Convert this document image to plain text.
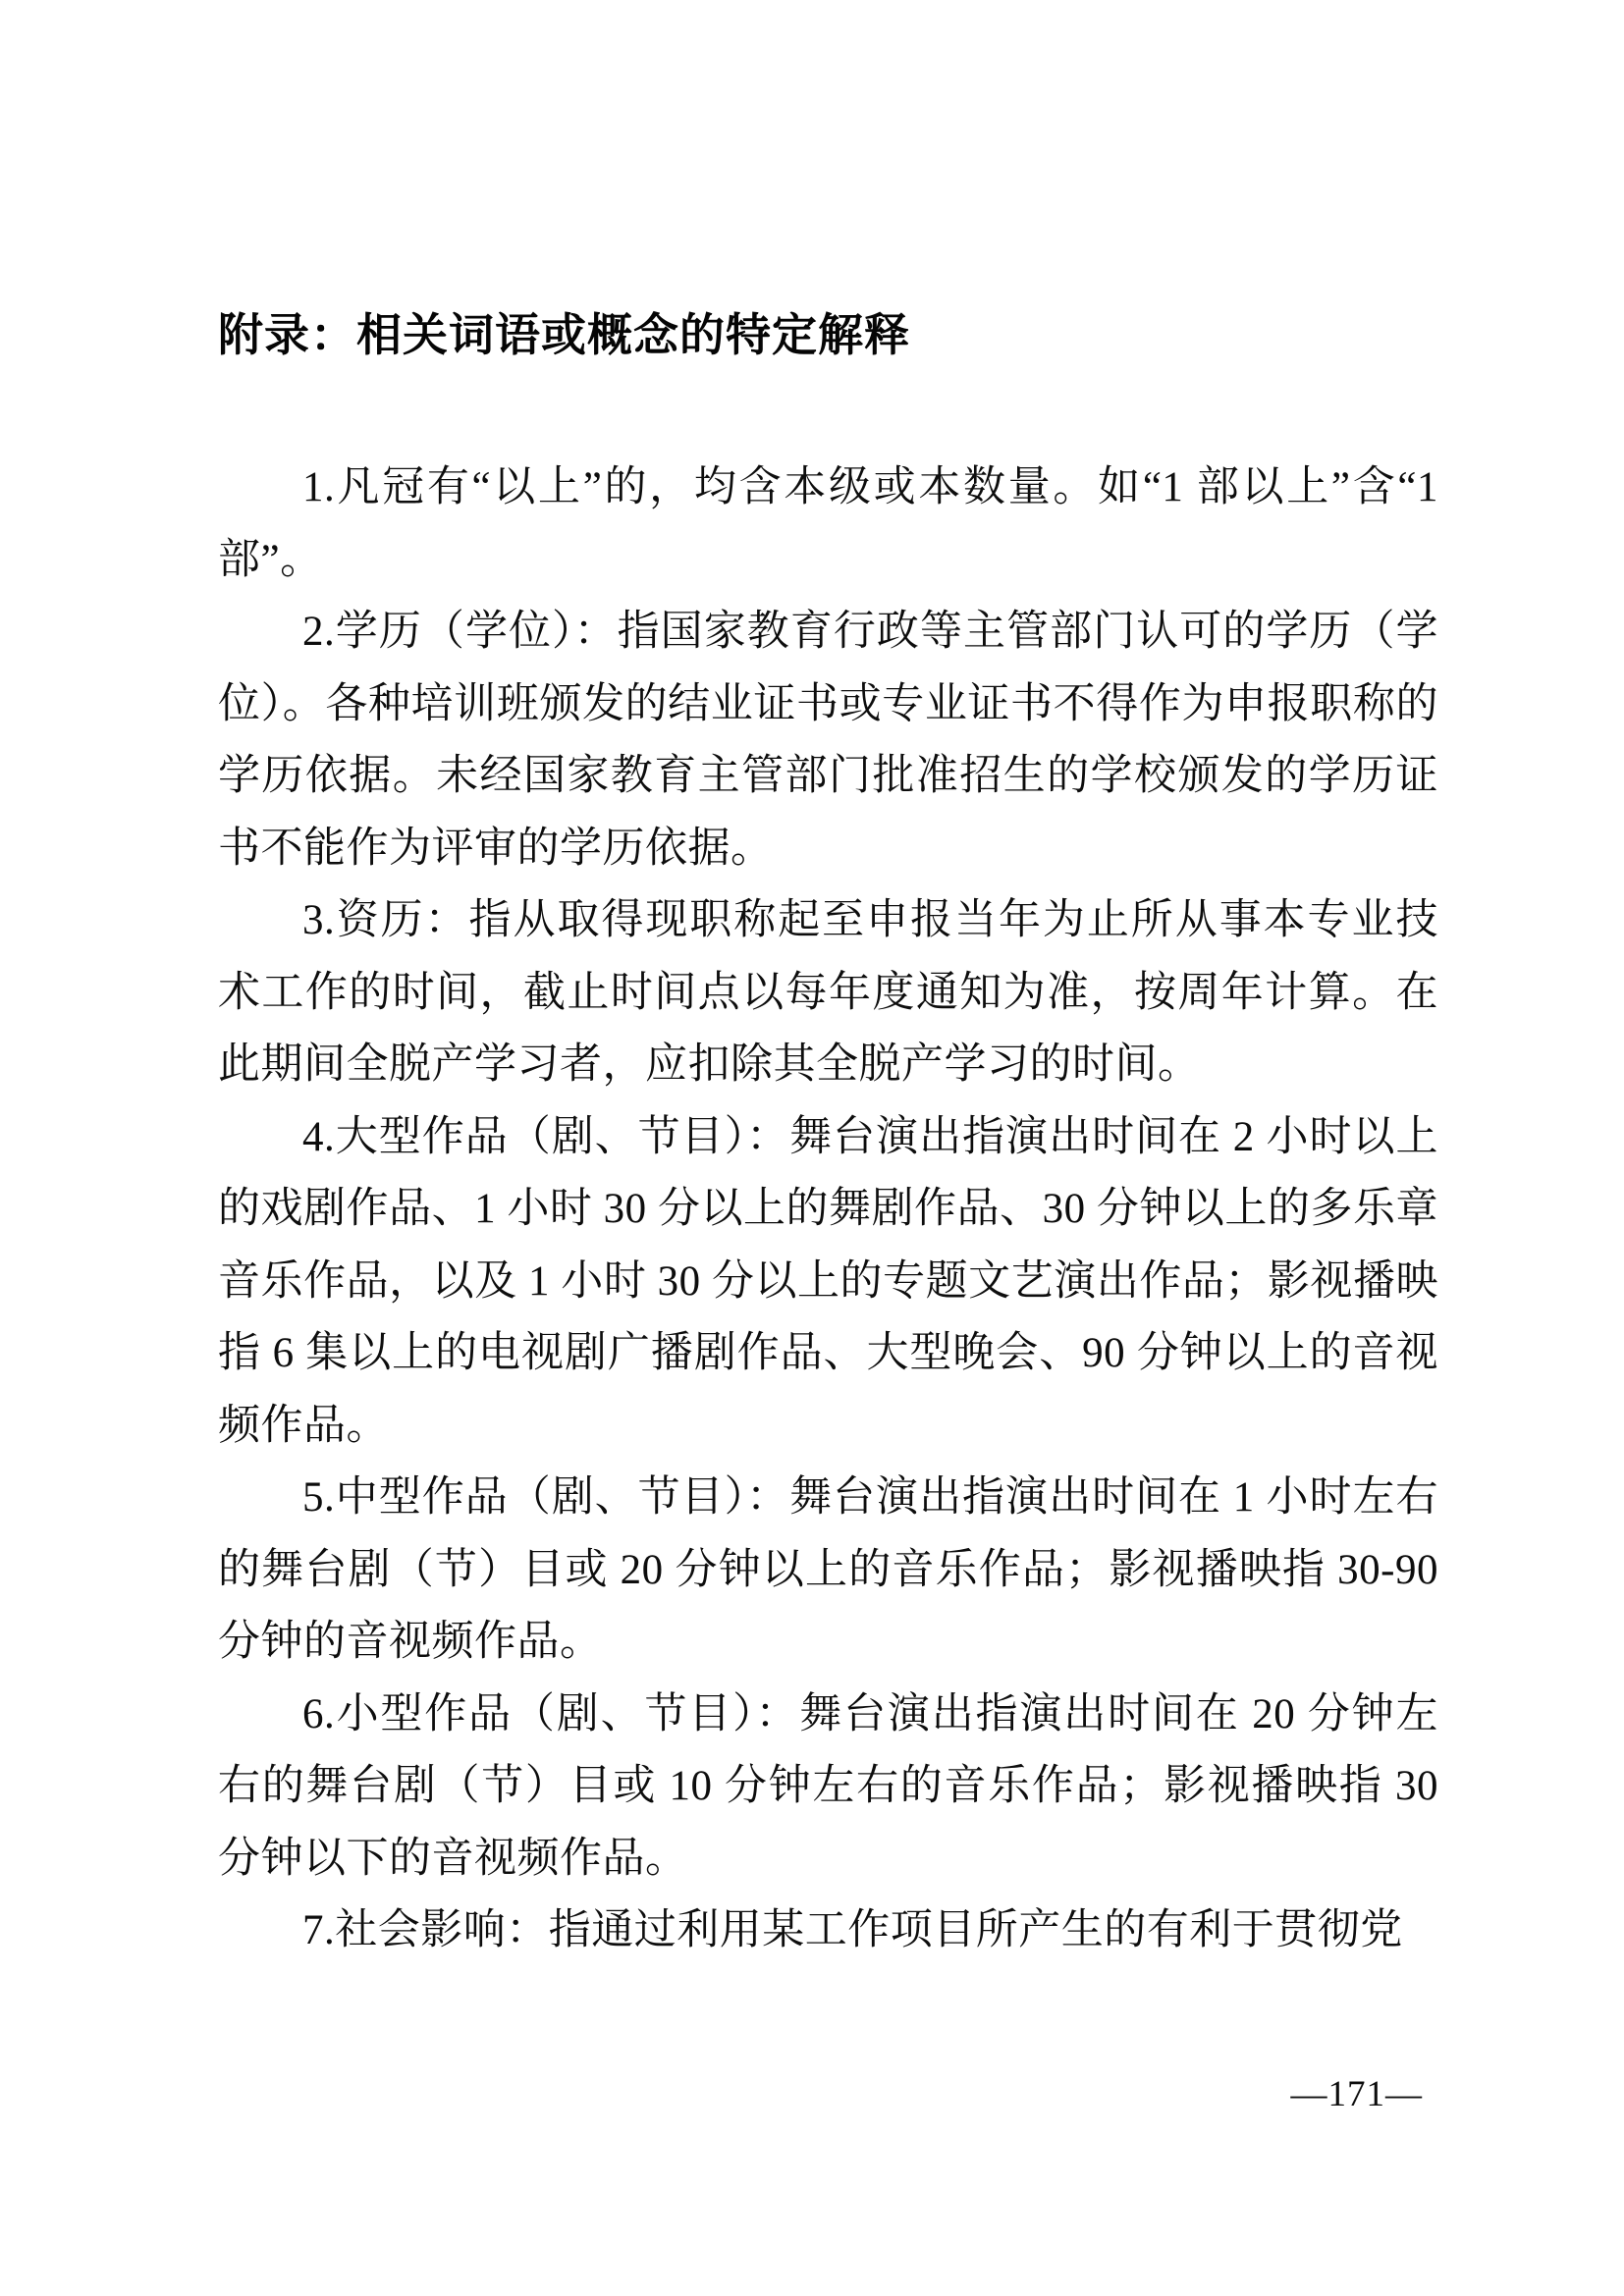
附录：相关词语或概念的特定解释

1.凡冠有“以上”的，均含本级或本数量。如“1 部以上”含“1 部”。

2.学历（学位）：指国家教育行政等主管部门认可的学历（学位）。各种培训班颁发的结业证书或专业证书不得作为申报职称的学历依据。未经国家教育主管部门批准招生的学校颁发的学历证书不能作为评审的学历依据。

3.资历：指从取得现职称起至申报当年为止所从事本专业技术工作的时间，截止时间点以每年度通知为准，按周年计算。在此期间全脱产学习者，应扣除其全脱产学习的时间。

4.大型作品（剧、节目）：舞台演出指演出时间在 2 小时以上的戏剧作品、1 小时 30 分以上的舞剧作品、30 分钟以上的多乐章音乐作品，以及 1 小时 30 分以上的专题文艺演出作品；影视播映指 6 集以上的电视剧广播剧作品、大型晚会、90 分钟以上的音视频作品。

5.中型作品（剧、节目）：舞台演出指演出时间在 1 小时左右的舞台剧（节）目或 20 分钟以上的音乐作品；影视播映指 30-90 分钟的音视频作品。

6.小型作品（剧、节目）：舞台演出指演出时间在 20 分钟左右的舞台剧（节）目或 10 分钟左右的音乐作品；影视播映指 30 分钟以下的音视频作品。

7.社会影响：指通过利用某工作项目所产生的有利于贯彻党

—171—
